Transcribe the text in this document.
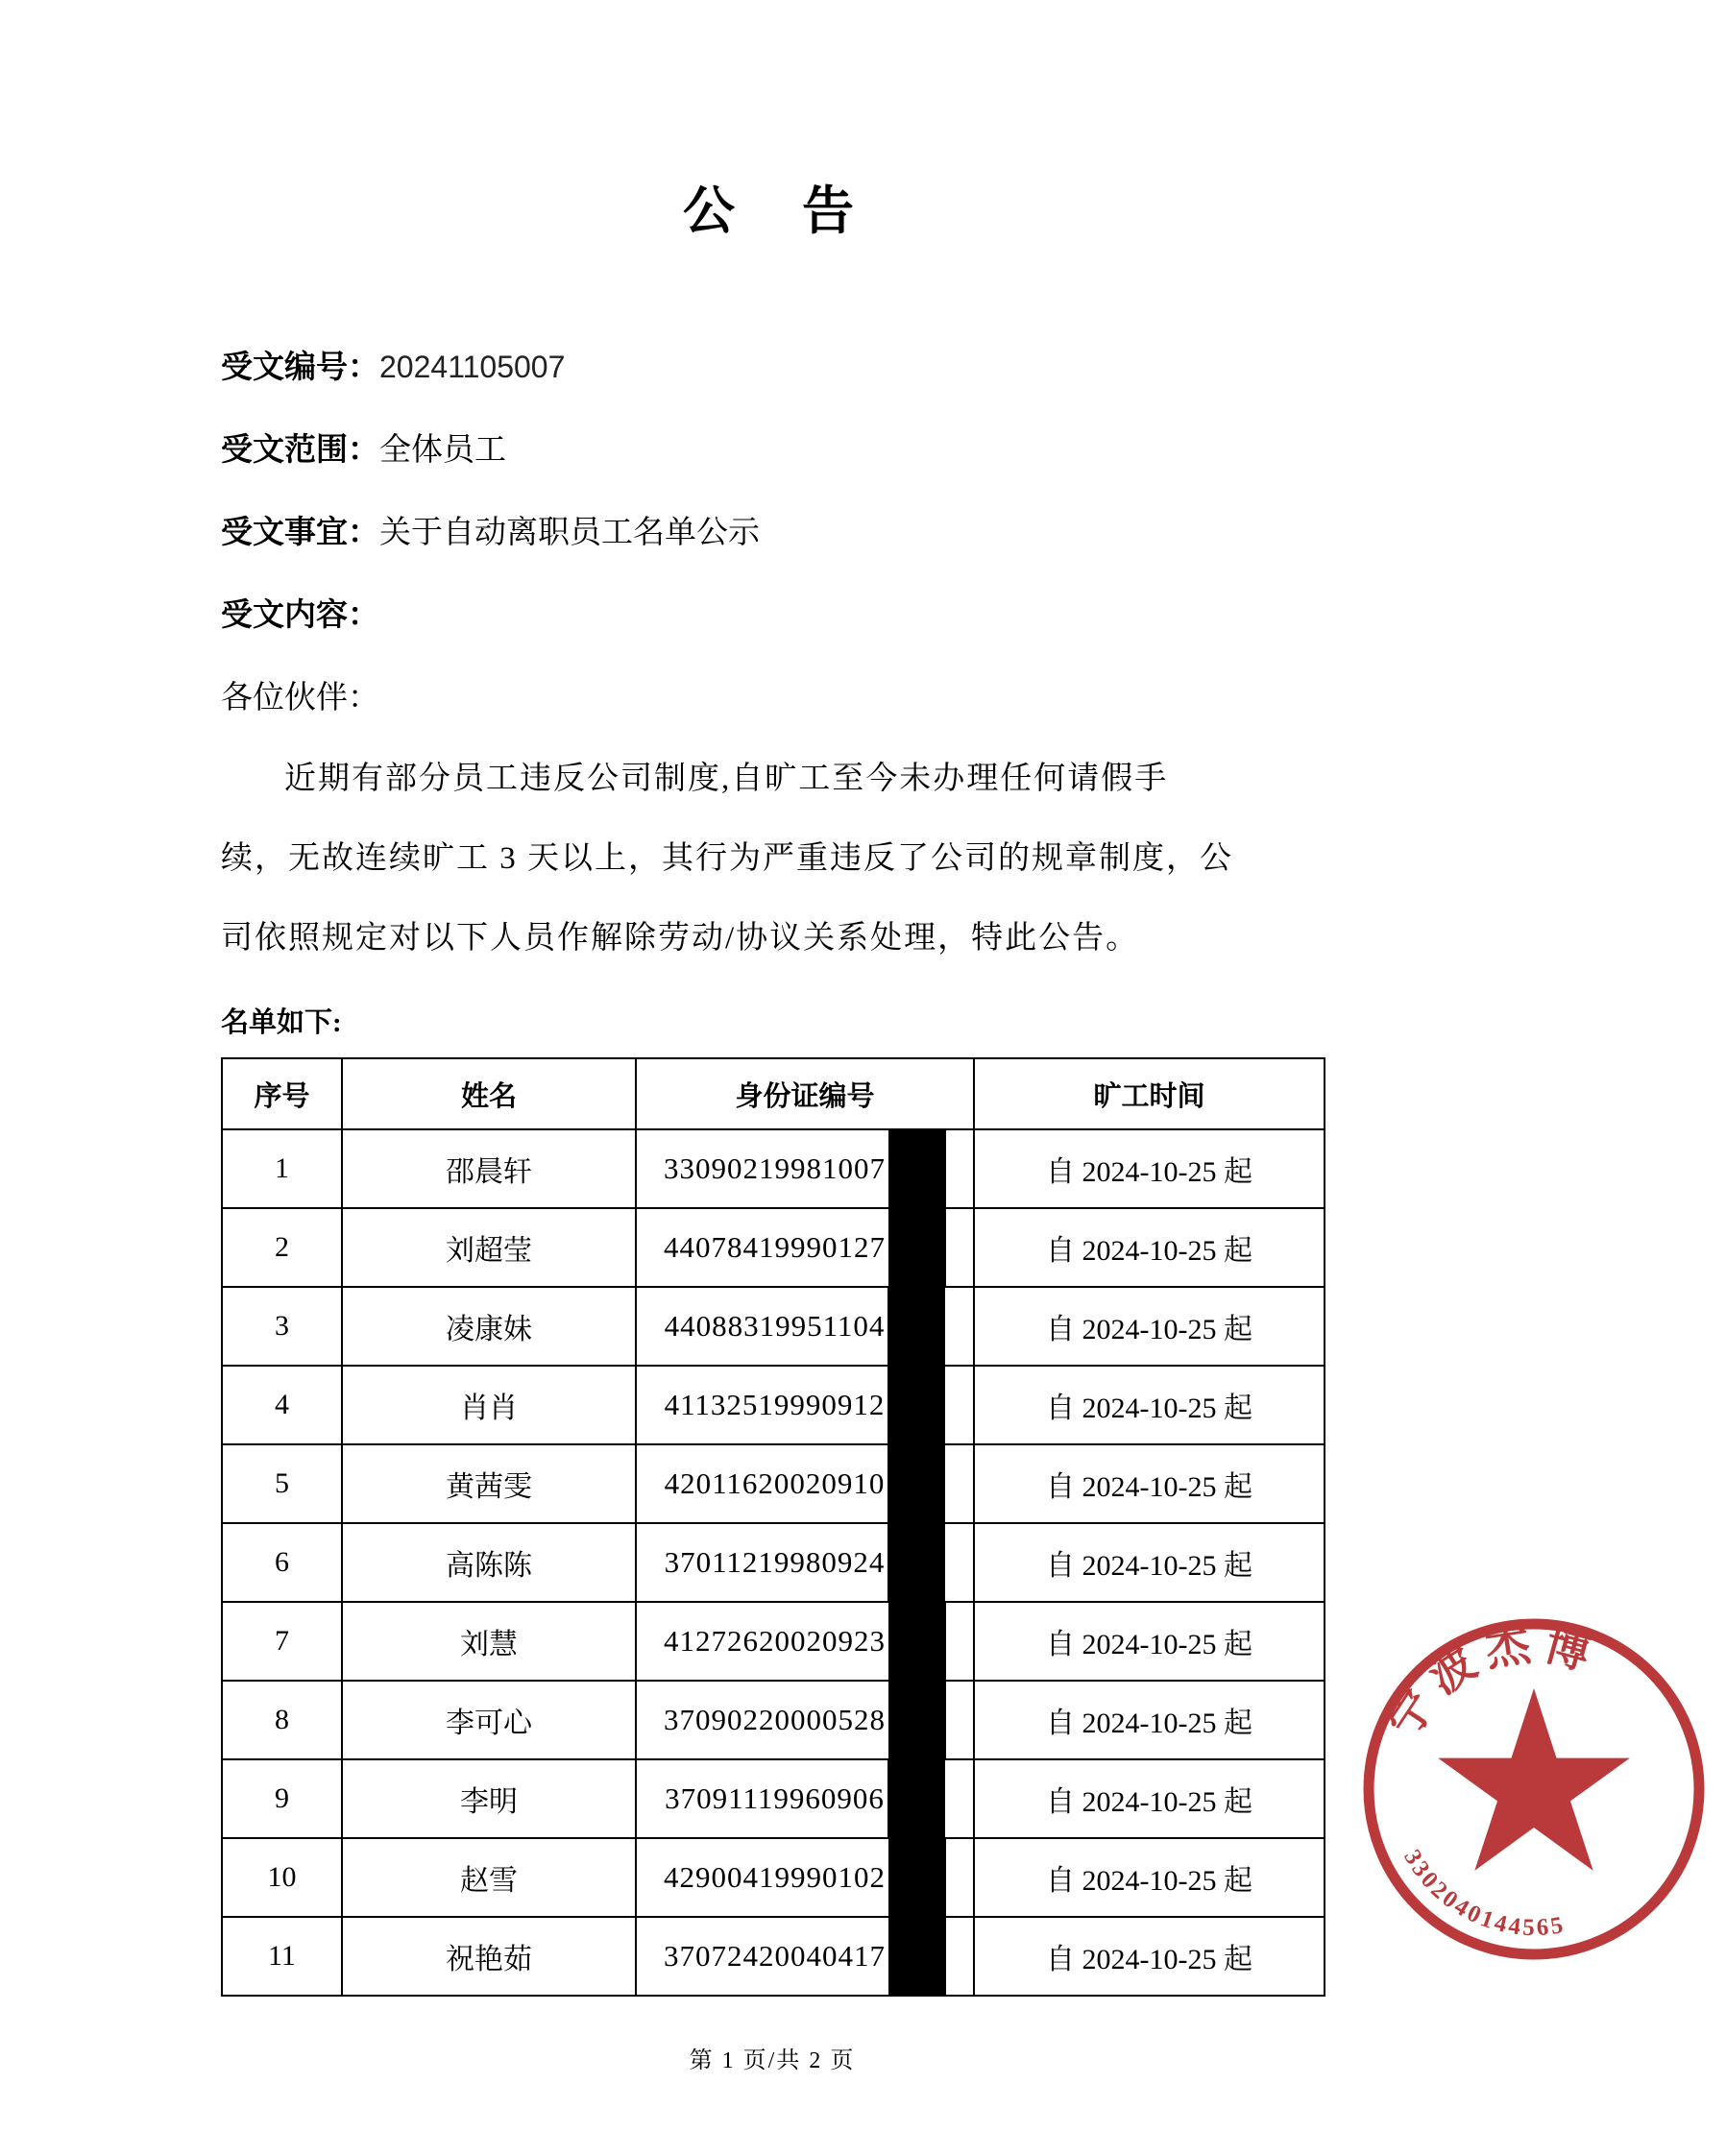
公　告
受文编号：20241105007
受文范围：全体员工
受文事宜：关于自动离职员工名单公示
受文内容：
各位伙伴：
近期有部分员工违反公司制度,自旷工至今未办理任何请假手
续，无故连续旷工 3 天以上，其行为严重违反了公司的规章制度，公
司依照规定对以下人员作解除劳动/协议关系处理，特此公告。
名单如下:
序号	姓名	身份证编号	旷工时间
1	邵晨轩	33090219981007	自 2024-10-25 起
2	刘超莹	44078419990127	自 2024-10-25 起
3	凌康妹	44088319951104	自 2024-10-25 起
4	肖肖	41132519990912	自 2024-10-25 起
5	黄茜雯	42011620020910	自 2024-10-25 起
6	高陈陈	37011219980924	自 2024-10-25 起
7	刘慧	41272620020923	自 2024-10-25 起
8	李可心	37090220000528	自 2024-10-25 起
9	李明	37091119960906	自 2024-10-25 起
10	赵雪	42900419990102	自 2024-10-25 起
11	祝艳茹	37072420040417	自 2024-10-25 起
第 1 页/共 2 页
宁波杰博
3302040144565
